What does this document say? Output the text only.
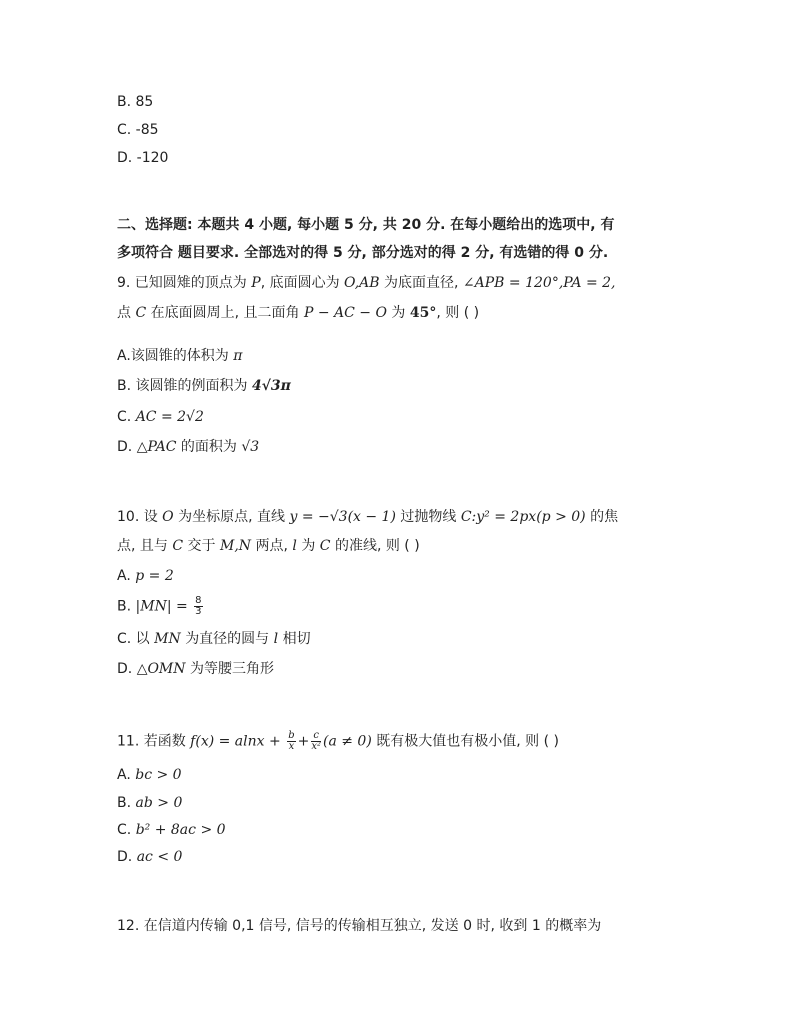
B. 85
C. -85
D. -120
二、选择题: 本题共 4 小题, 每小题 5 分, 共 20 分. 在每小题给出的选项中, 有
多项符合 题目要求. 全部选对的得 5 分, 部分选对的得 2 分, 有选错的得 0 分.
9. 已知圆雉的顶点为 P, 底面圆心为 O,AB 为底面直径, ∠APB = 120°,PA = 2,
点 C 在底面圆周上, 且二面角 P − AC − O 为 45°, 则 ( )
A.该圆锥的体积为 π
B. 该圆锥的例面积为 4√3π
C. AC = 2√2
D. △PAC 的面积为 √3
10. 设 O 为坐标原点, 直线 y = −√3(x − 1) 过抛物线 C:y² = 2px(p > 0) 的焦
点, 且与 C 交于 M,N 两点, l 为 C 的准线, 则 ( )
A. p = 2
B. $|MN| = \frac{8}{3}$
C. 以 MN 为直径的圆与 l 相切
D. △OMN 为等腰三角形
11. 若函数 $f(x) = alnx + \frac{b}{x} + \frac{c}{\text{x²}} (a \ne 0)$ 既有极大值也有极小值, 则 ( )
A. bc > 0
B. ab > 0
C. b² + 8ac > 0
D. ac < 0
12. 在信道内传输 0,1 信号, 信号的传输相互独立, 发送 0 时, 收到 1 的概率为
